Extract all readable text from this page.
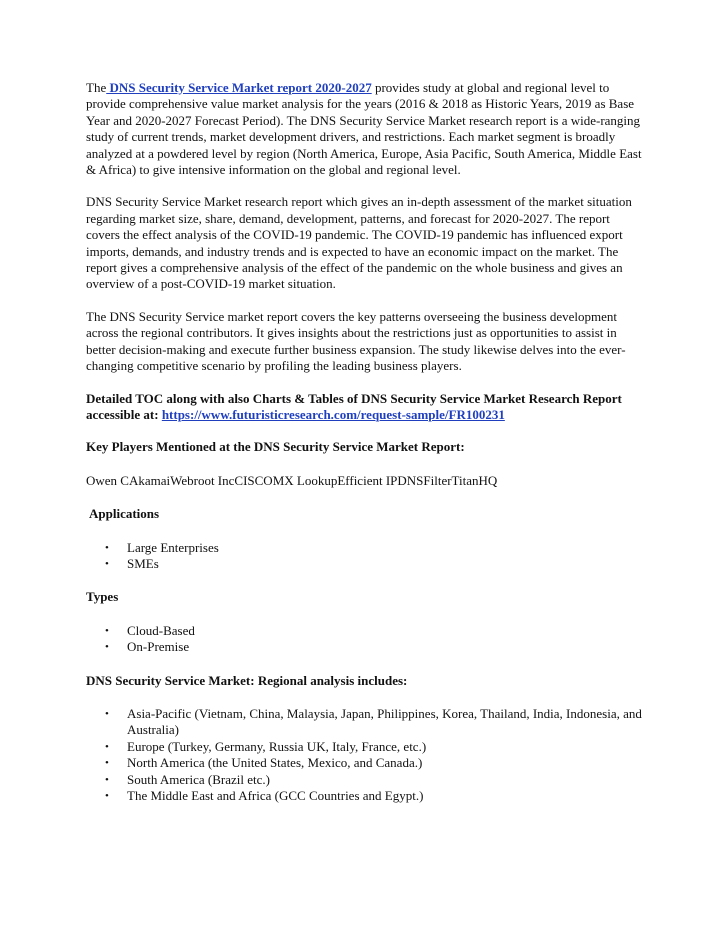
The DNS Security Service Market report 2020-2027 provides study at global and regional level to provide comprehensive value market analysis for the years (2016 & 2018 as Historic Years, 2019 as Base Year and 2020-2027 Forecast Period). The DNS Security Service Market research report is a wide-ranging study of current trends, market development drivers, and restrictions. Each market segment is broadly analyzed at a powdered level by region (North America, Europe, Asia Pacific, South America, Middle East & Africa) to give intensive information on the global and regional level.

DNS Security Service Market research report which gives an in-depth assessment of the market situation regarding market size, share, demand, development, patterns, and forecast for 2020-2027. The report covers the effect analysis of the COVID-19 pandemic. The COVID-19 pandemic has influenced export imports, demands, and industry trends and is expected to have an economic impact on the market. The report gives a comprehensive analysis of the effect of the pandemic on the whole business and gives an overview of a post-COVID-19 market situation.

The DNS Security Service market report covers the key patterns overseeing the business development across the regional contributors. It gives insights about the restrictions just as opportunities to assist in better decision-making and execute further business expansion. The study likewise delves into the ever-changing competitive scenario by profiling the leading business players.

Detailed TOC along with also Charts & Tables of DNS Security Service Market Research Report accessible at: https://www.futuristicresearch.com/request-sample/FR100231

Key Players Mentioned at the DNS Security Service Market Report:

Owen CAkamaiWebroot IncCISCOMX LookupEfficient IPDNSFilterTitanHQ

Applications

• Large Enterprises
• SMEs

Types

• Cloud-Based
• On-Premise

DNS Security Service Market: Regional analysis includes:

• Asia-Pacific (Vietnam, China, Malaysia, Japan, Philippines, Korea, Thailand, India, Indonesia, and Australia)
• Europe (Turkey, Germany, Russia UK, Italy, France, etc.)
• North America (the United States, Mexico, and Canada.)
• South America (Brazil etc.)
• The Middle East and Africa (GCC Countries and Egypt.)
